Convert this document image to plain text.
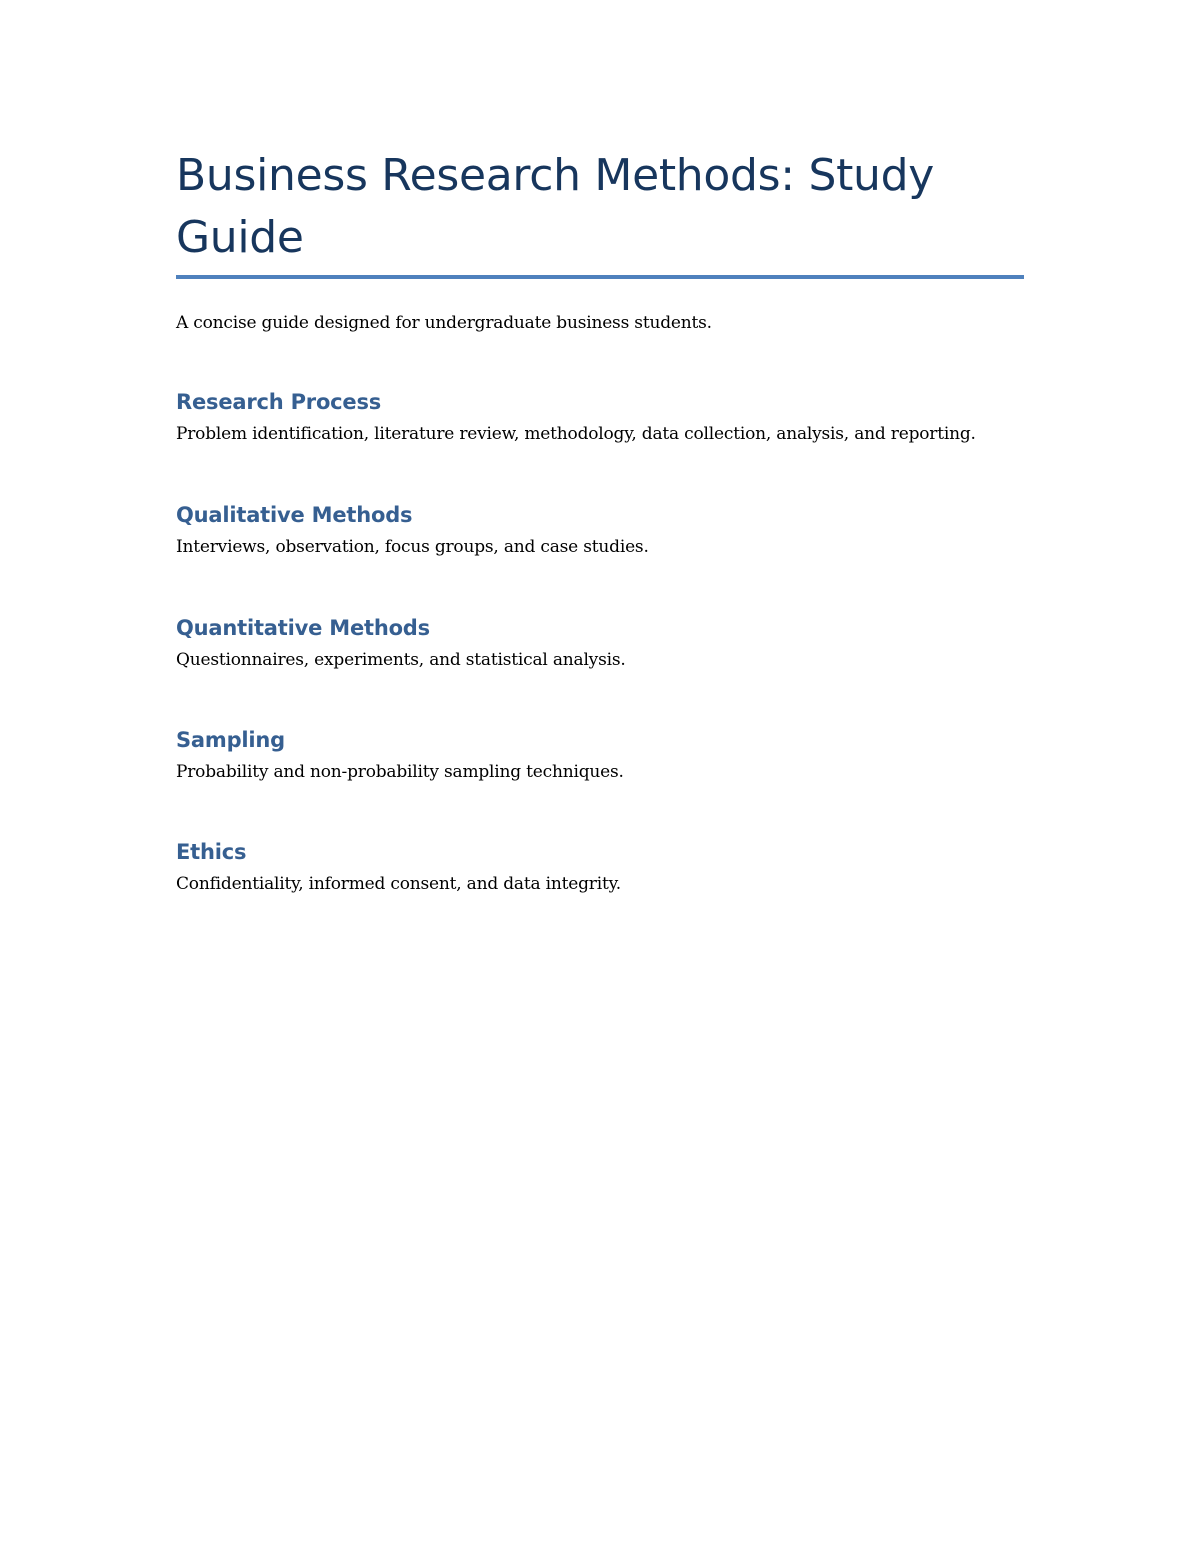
Business Research Methods: Study Guide

A concise guide designed for undergraduate business students.

Research Process

Problem identification, literature review, methodology, data collection, analysis, and reporting.

Qualitative Methods

Interviews, observation, focus groups, and case studies.

Quantitative Methods

Questionnaires, experiments, and statistical analysis.

Sampling

Probability and non-probability sampling techniques.

Ethics

Confidentiality, informed consent, and data integrity.
